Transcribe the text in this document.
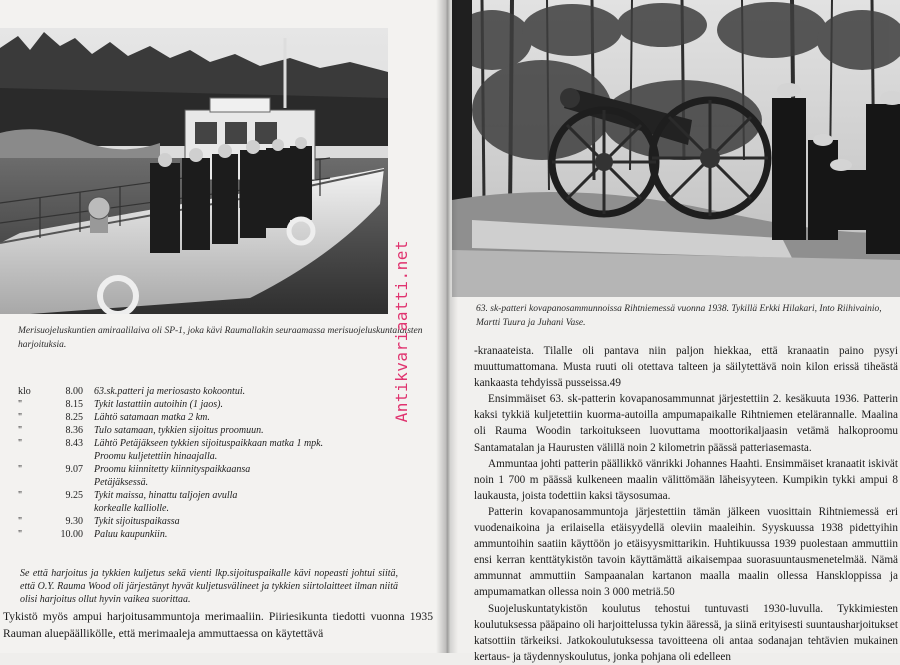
Merisuojeluskuntien amiraalilaiva oli SP-1, joka kävi Raumallakin seuraamassa merisuojeluskuntalaisten harjoituksia.
klo	8.00 63.sk.patteri ja meriosasto kokoontui.
"	8.15 Tykit lastattiin autoihin (1 jaos).
"	8.25 Lähtö satamaan matka 2 km.
"	8.36 Tulo satamaan, tykkien sijoitus proomuun.
"	8.43 Lähtö Petäjäkseen tykkien sijoituspaikkaan matka 1 mpk.
Proomu kuljetettiin hinaajalla.
"	9.07 Proomu kiinnitetty kiinnityspaikkaansa
Petäjäksessä.
"	9.25 Tykit maissa, hinattu taljojen avulla
korkealle kalliolle.
"	9.30 Tykit sijoituspaikassa
"	10.00 Paluu kaupunkiin.
Se että harjoitus ja tykkien kuljetus sekä vienti lkp.sijoituspaikalle kävi nopeasti johtui siitä, että O.Y. Rauma Wood oli järjestänyt hyvät kuljetusvälineet ja tykkien siirtolaitteet ilman niitä olisi harjoitus ollut hyvin vaikea suorittaa.
Tykistö myös ampui harjoitusammuntoja merimaaliin. Piiriesikunta tiedotti vuonna 1935 Rauman aluepäällikölle, että merimaaleja ammuttaessa on käytettävä
63. sk-patteri kovapanosammunnoissa Rihtniemessä vuonna 1938. Tykillä Erkki Hilakari, Into Riihivainio, Martti Tuura ja Juhani Vase.

-kranaateista. Tilalle oli pantava niin paljon hiekkaa, että kranaatin paino pysyi muuttumattomana. Musta ruuti oli otettava talteen ja säilytettävä noin kilon erissä tiheästä kankaasta tehdyissä pusseissa.49

Ensimmäiset 63. sk-patterin kovapanosammunnat järjestettiin 2. kesäkuuta 1936. Patterin kaksi tykkiä kuljetettiin kuorma-autoilla ampumapaikalle Rihtniemen etelärannalle. Maalina oli Rauma Woodin tarkoitukseen luovuttama moottorikaljaasin vetämä halkoproomu Santamatalan ja Haurusten välillä noin 2 kilometrin päässä patteriasemasta.

Ammuntaa johti patterin päällikkö vänrikki Johannes Haahti. Ensimmäiset kranaatit iskivät noin 1 700 m päässä kulkeneen maalin välittömään läheisyyteen. Kumpikin tykki ampui 8 laukausta, joista todettiin kaksi täysosumaa.

Patterin kovapanosammuntoja järjestettiin tämän jälkeen vuosittain Rihtniemessä eri vuodenaikoina ja erilaisella etäisyydellä oleviin maaleihin. Syyskuussa 1938 pidettyihin ammuntoihin saatiin käyttöön jo etäisyysmittarikin. Huhtikuussa 1939 puolestaan ammuttiin ensi kerran kenttätykistön tavoin käyttämättä aikaisempaa suorasuuntausmenetelmää. Nämä ammunnat ammuttiin Sampaanalan kartanon maalla maalin ollessa Hanskloppissa ja ampumamatkan ollessa noin 3 000 metriä.50

Suojeluskuntatykistön koulutus tehostui tuntuvasti 1930-luvulla. Tykkimiesten koulutuksessa pääpaino oli harjoittelussa tykin ääressä, ja siinä erityisesti suuntausharjoitukset katsottiin tärkeiksi. Jatkokoulutuksessa tavoitteena oli antaa sodanajan tehtävien mukainen kertaus- ja täydennyskoulutus, jonka pohjana oli edelleen

Antikvariaatti.net
